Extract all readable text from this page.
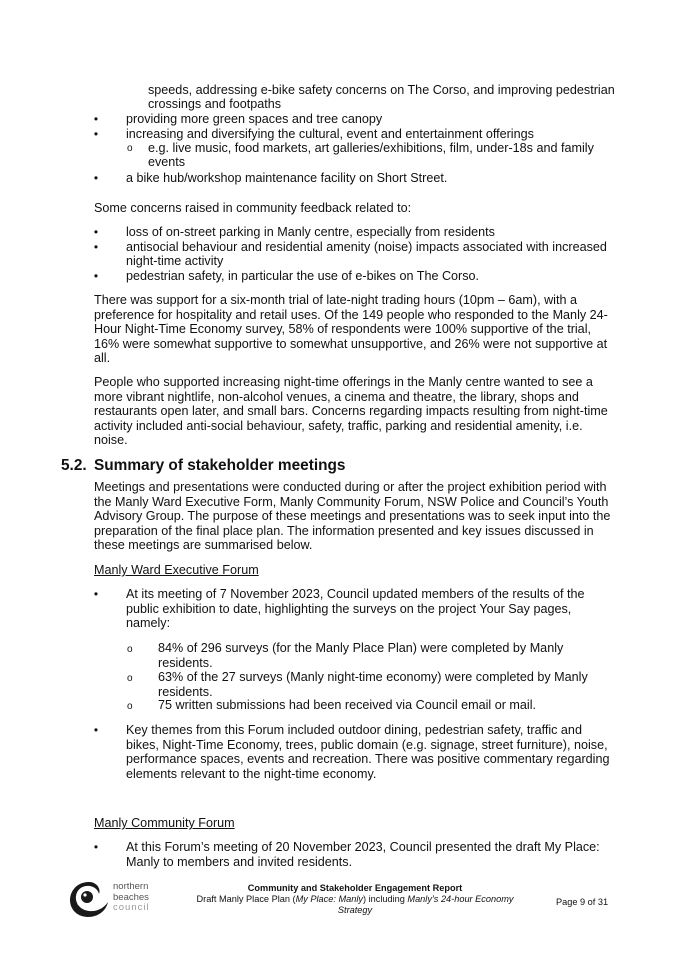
speeds, addressing e-bike safety concerns on The Corso, and improving pedestrian
crossings and footpaths
• providing more green spaces and tree canopy
• increasing and diversifying the cultural, event and entertainment offerings
o e.g. live music, food markets, art galleries/exhibitions, film, under-18s and family
events
• a bike hub/workshop maintenance facility on Short Street.
Some concerns raised in community feedback related to:
• loss of on-street parking in Manly centre, especially from residents
• antisocial behaviour and residential amenity (noise) impacts associated with increased
night-time activity
• pedestrian safety, in particular the use of e-bikes on The Corso.
There was support for a six-month trial of late-night trading hours (10pm – 6am), with a
preference for hospitality and retail uses. Of the 149 people who responded to the Manly 24-
Hour Night-Time Economy survey, 58% of respondents were 100% supportive of the trial,
16% were somewhat supportive to somewhat unsupportive, and 26% were not supportive at
all.
People who supported increasing night-time offerings in the Manly centre wanted to see a
more vibrant nightlife, non-alcohol venues, a cinema and theatre, the library, shops and
restaurants open later, and small bars. Concerns regarding impacts resulting from night-time
activity included anti-social behaviour, safety, traffic, parking and residential amenity, i.e.
noise.
5.2. Summary of stakeholder meetings
Meetings and presentations were conducted during or after the project exhibition period with
the Manly Ward Executive Form, Manly Community Forum, NSW Police and Council’s Youth
Advisory Group. The purpose of these meetings and presentations was to seek input into the
preparation of the final place plan. The information presented and key issues discussed in
these meetings are summarised below.
Manly Ward Executive Forum
• At its meeting of 7 November 2023, Council updated members of the results of the
public exhibition to date, highlighting the surveys on the project Your Say pages,
namely:
o 84% of 296 surveys (for the Manly Place Plan) were completed by Manly
residents.
o 63% of the 27 surveys (Manly night-time economy) were completed by Manly
residents.
o 75 written submissions had been received via Council email or mail.
• Key themes from this Forum included outdoor dining, pedestrian safety, traffic and
bikes, Night-Time Economy, trees, public domain (e.g. signage, street furniture), noise,
performance spaces, events and recreation. There was positive commentary regarding
elements relevant to the night-time economy.
Manly Community Forum
• At this Forum’s meeting of 20 November 2023, Council presented the draft My Place:
Manly to members and invited residents.
northern
beaches
council
Community and Stakeholder Engagement Report
Draft Manly Place Plan (My Place: Manly) including Manly’s 24-hour Economy
Strategy
Page 9 of 31
